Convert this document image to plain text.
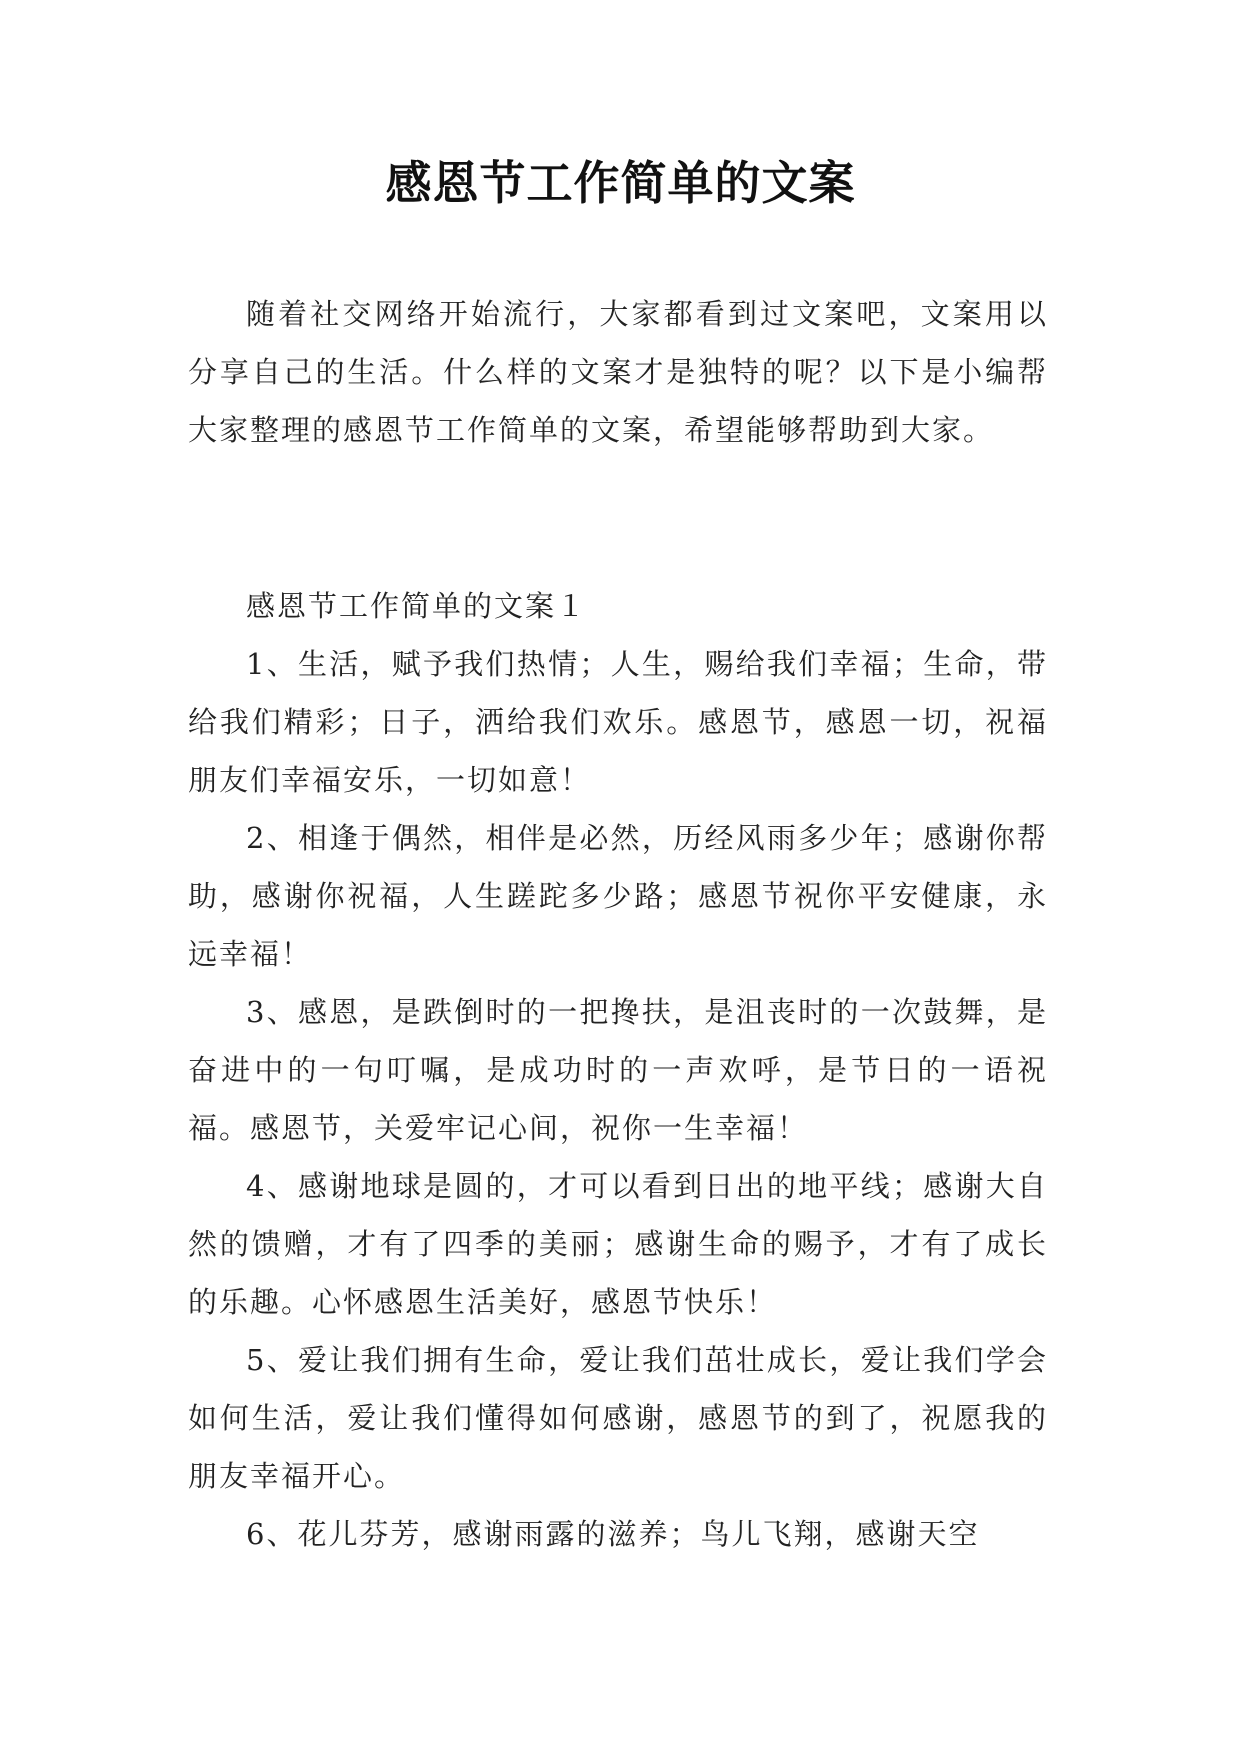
感恩节工作简单的文案

随着社交网络开始流行，大家都看到过文案吧，文案用以分享自己的生活。什么样的文案才是独特的呢？以下是小编帮大家整理的感恩节工作简单的文案，希望能够帮助到大家。

感恩节工作简单的文案１

1、生活，赋予我们热情；人生，赐给我们幸福；生命，带给我们精彩；日子，洒给我们欢乐。感恩节，感恩一切，祝福朋友们幸福安乐，一切如意！

2、相逢于偶然，相伴是必然，历经风雨多少年；感谢你帮助，感谢你祝福，人生蹉跎多少路；感恩节祝你平安健康，永远幸福！

3、感恩，是跌倒时的一把搀扶，是沮丧时的一次鼓舞，是奋进中的一句叮嘱，是成功时的一声欢呼，是节日的一语祝福。感恩节，关爱牢记心间，祝你一生幸福！

4、感谢地球是圆的，才可以看到日出的地平线；感谢大自然的馈赠，才有了四季的美丽；感谢生命的赐予，才有了成长的乐趣。心怀感恩生活美好，感恩节快乐！

5、爱让我们拥有生命，爱让我们茁壮成长，爱让我们学会如何生活，爱让我们懂得如何感谢，感恩节的到了，祝愿我的朋友幸福开心。

6、花儿芬芳，感谢雨露的滋养；鸟儿飞翔，感谢天空
